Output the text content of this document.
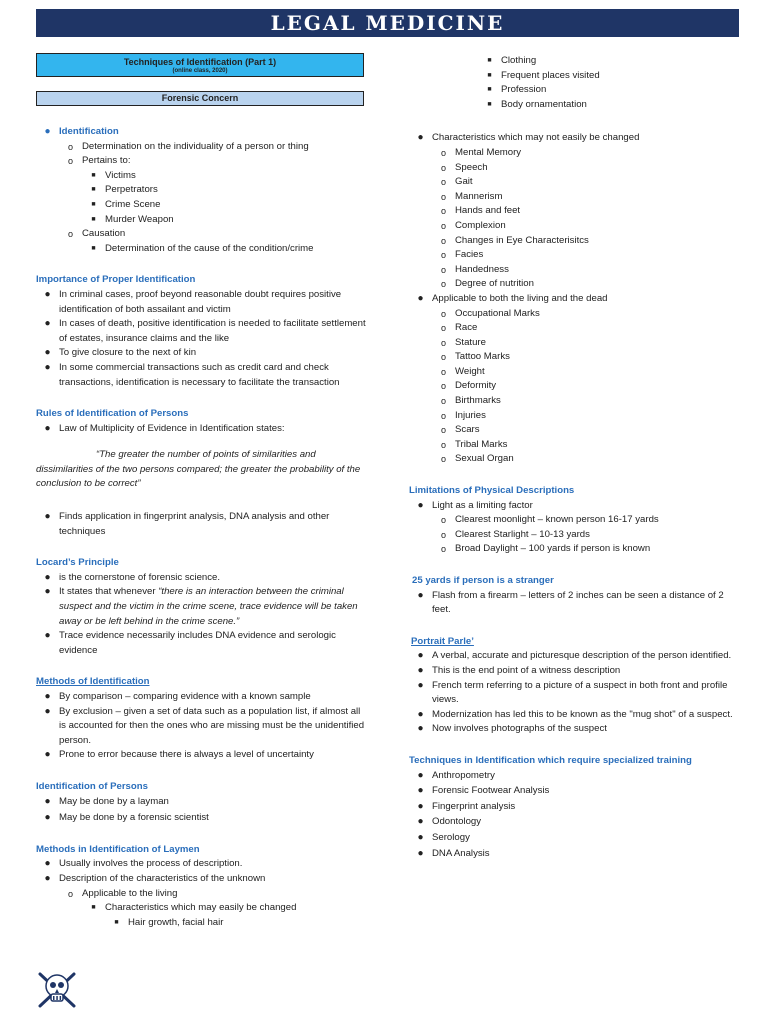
LEGAL MEDICINE
Techniques of Identification (Part 1)
(online class, 2020)
Forensic Concern
● Identification
o Determination on the individuality of a person or thing
o Pertains to:
■ Victims
■ Perpetrators
■ Crime Scene
■ Murder Weapon
o Causation
■ Determination of the cause of the condition/crime

Importance of Proper Identification

● In criminal cases, proof beyond reasonable doubt requires positive identification of both assailant and victim
● In cases of death, positive identification is needed to facilitate settlement of estates, insurance claims and the like
● To give closure to the next of kin
● In some commercial transactions such as credit card and check transactions, identification is necessary to facilitate the transaction

Rules of Identification of Persons

● Law of Multiplicity of Evidence in Identification states:

“The greater the number of points of similarities and dissimilarities of the two persons compared; the greater the probability of the conclusion to be correct”

● Finds application in fingerprint analysis, DNA analysis and other techniques

Locard’s Principle

● is the cornerstone of forensic science.
● It states that whenever “there is an interaction between the criminal suspect and the victim in the crime scene, trace evidence will be taken away or be left behind in the crime scene.”
● Trace evidence necessarily includes DNA evidence and serologic evidence

Methods of Identification

● By comparison – comparing evidence with a known sample
● By exclusion – given a set of data such as a population list, if almost all is accounted for then the ones who are missing must be the unidentified person.
● Prone to error because there is always a level of uncertainty

Identification of Persons

● May be done by a layman
● May be done by a forensic scientist

Methods in Identification of Laymen

● Usually involves the process of description.
● Description of the characteristics of the unknown
o Applicable to the living
■ Characteristics which may easily be changed
■ Hair growth, facial hair
■ Clothing
■ Frequent places visited
■ Profession
■ Body ornamentation
● Characteristics which may not easily be changed
o Mental Memory
o Speech
o Gait
o Mannerism
o Hands and feet
o Complexion
o Changes in Eye Characterisitcs
o Facies
o Handedness
o Degree of nutrition
● Applicable to both the living and the dead
o Occupational Marks
o Race
o Stature
o Tattoo Marks
o Weight
o Deformity
o Birthmarks
o Injuries
o Scars
o Tribal Marks
o Sexual Organ

Limitations of Physical Descriptions

● Light as a limiting factor
o Clearest moonlight – known person 16-17 yards
o Clearest Starlight – 10-13 yards
o Broad Daylight – 100 yards if person is known

25 yards if person is a stranger

● Flash from a firearm – letters of 2 inches can be seen a distance of 2 feet.

Portrait Parle’

● A verbal, accurate and picturesque description of the person identified.
● This is the end point of a witness description
● French term referring to a picture of a suspect in both front and profile views.
● Modernization has led this to be known as the "mug shot" of a suspect.
● Now involves photographs of the suspect

Techniques in Identification which require specialized training

● Anthropometry
● Forensic Footwear Analysis
● Fingerprint analysis
● Odontology
● Serology
● DNA Analysis
